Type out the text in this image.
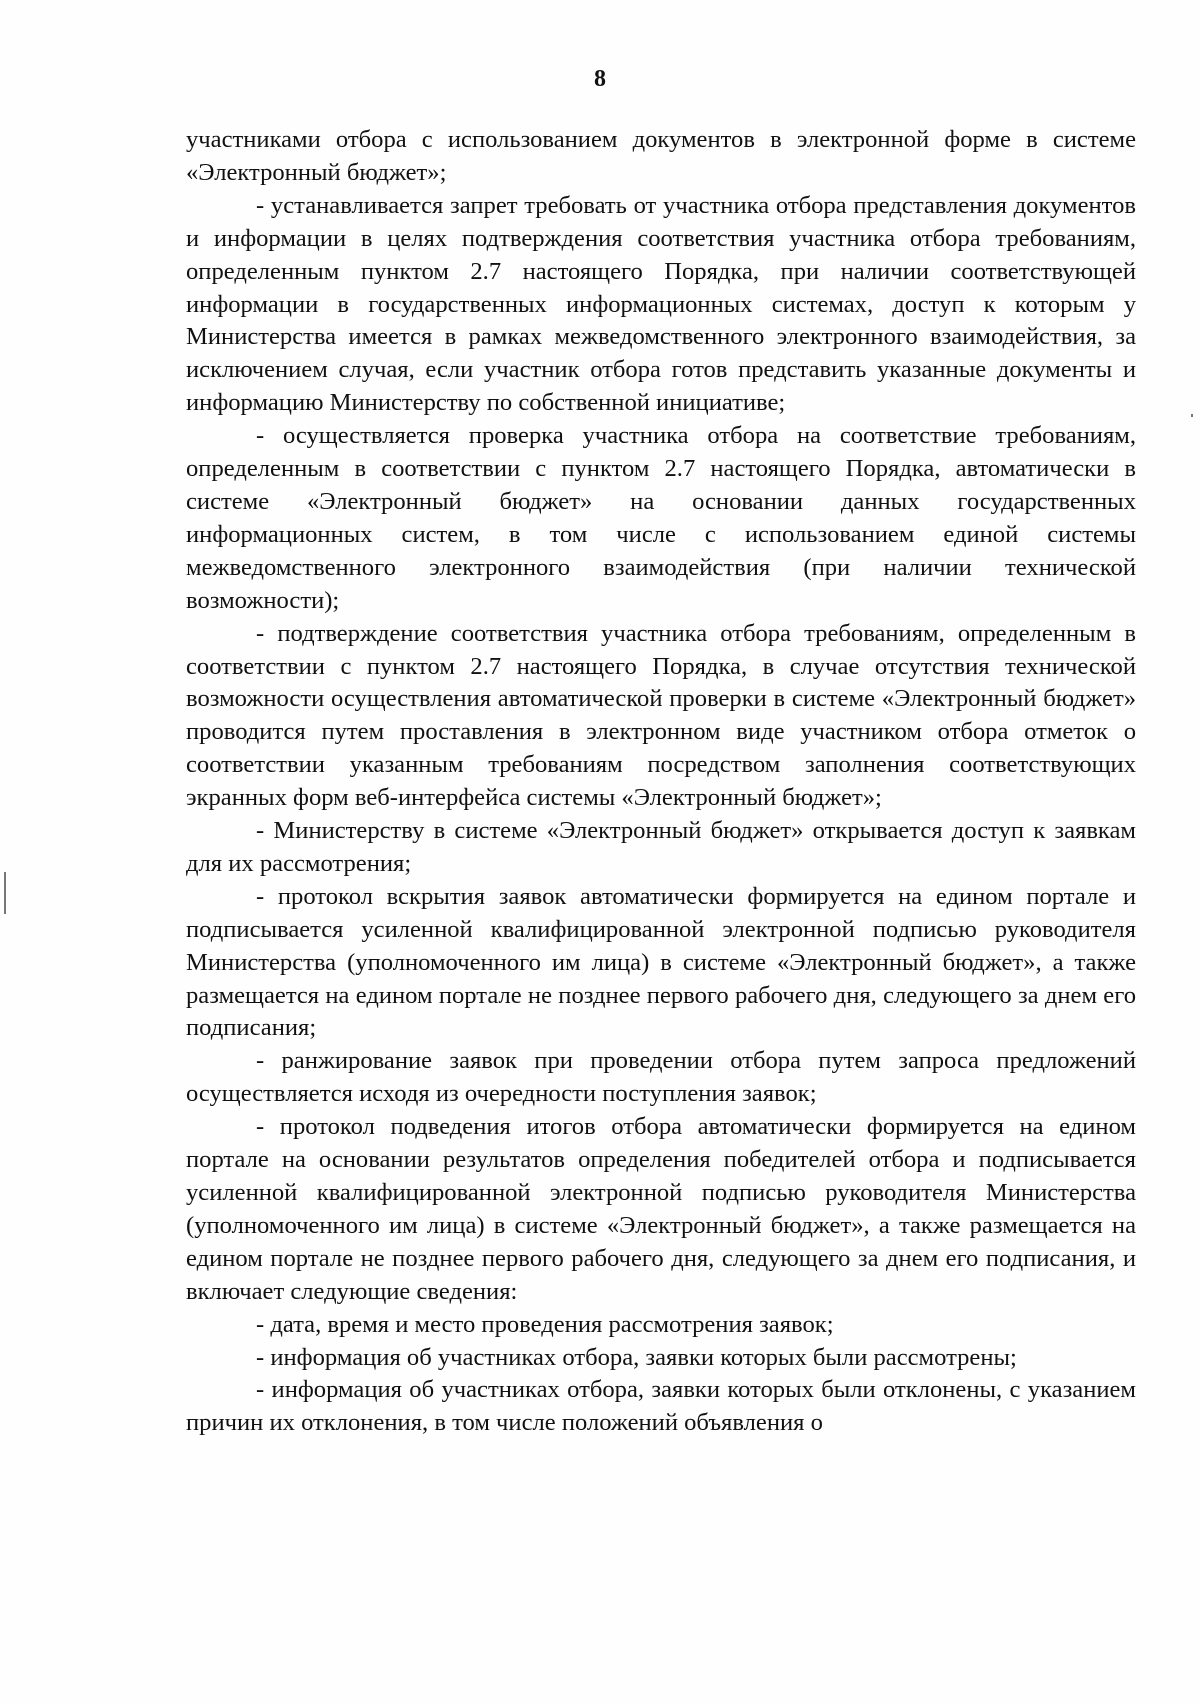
8

участниками отбора с использованием документов в электронной форме в системе «Электронный бюджет»;

- устанавливается запрет требовать от участника отбора представления документов и информации в целях подтверждения соответствия участника отбора требованиям, определенным пунктом 2.7 настоящего Порядка, при наличии соответствующей информации в государственных информационных системах, доступ к которым у Министерства имеется в рамках межведомственного электронного взаимодействия, за исключением случая, если участник отбора готов представить указанные документы и информацию Министерству по собственной инициативе;

- осуществляется проверка участника отбора на соответствие требованиям, определенным в соответствии с пунктом 2.7 настоящего Порядка, автоматически в системе «Электронный бюджет» на основании данных государственных информационных систем, в том числе с использованием единой системы межведомственного электронного взаимодействия (при наличии технической возможности);

- подтверждение соответствия участника отбора требованиям, определенным в соответствии с пунктом 2.7 настоящего Порядка, в случае отсутствия технической возможности осуществления автоматической проверки в системе «Электронный бюджет» проводится путем проставления в электронном виде участником отбора отметок о соответствии указанным требованиям посредством заполнения соответствующих экранных форм веб-интерфейса системы «Электронный бюджет»;

- Министерству в системе «Электронный бюджет» открывается доступ к заявкам для их рассмотрения;

- протокол вскрытия заявок автоматически формируется на едином портале и подписывается усиленной квалифицированной электронной подписью руководителя Министерства (уполномоченного им лица) в системе «Электронный бюджет», а также размещается на едином портале не позднее первого рабочего дня, следующего за днем его подписания;

- ранжирование заявок при проведении отбора путем запроса предложений осуществляется исходя из очередности поступления заявок;

- протокол подведения итогов отбора автоматически формируется на едином портале на основании результатов определения победителей отбора и подписывается усиленной квалифицированной электронной подписью руководителя Министерства (уполномоченного им лица) в системе «Электронный бюджет», а также размещается на едином портале не позднее первого рабочего дня, следующего за днем его подписания, и включает следующие сведения:

- дата, время и место проведения рассмотрения заявок;

- информация об участниках отбора, заявки которых были рассмотрены;

- информация об участниках отбора, заявки которых были отклонены, с указанием причин их отклонения, в том числе положений объявления о
